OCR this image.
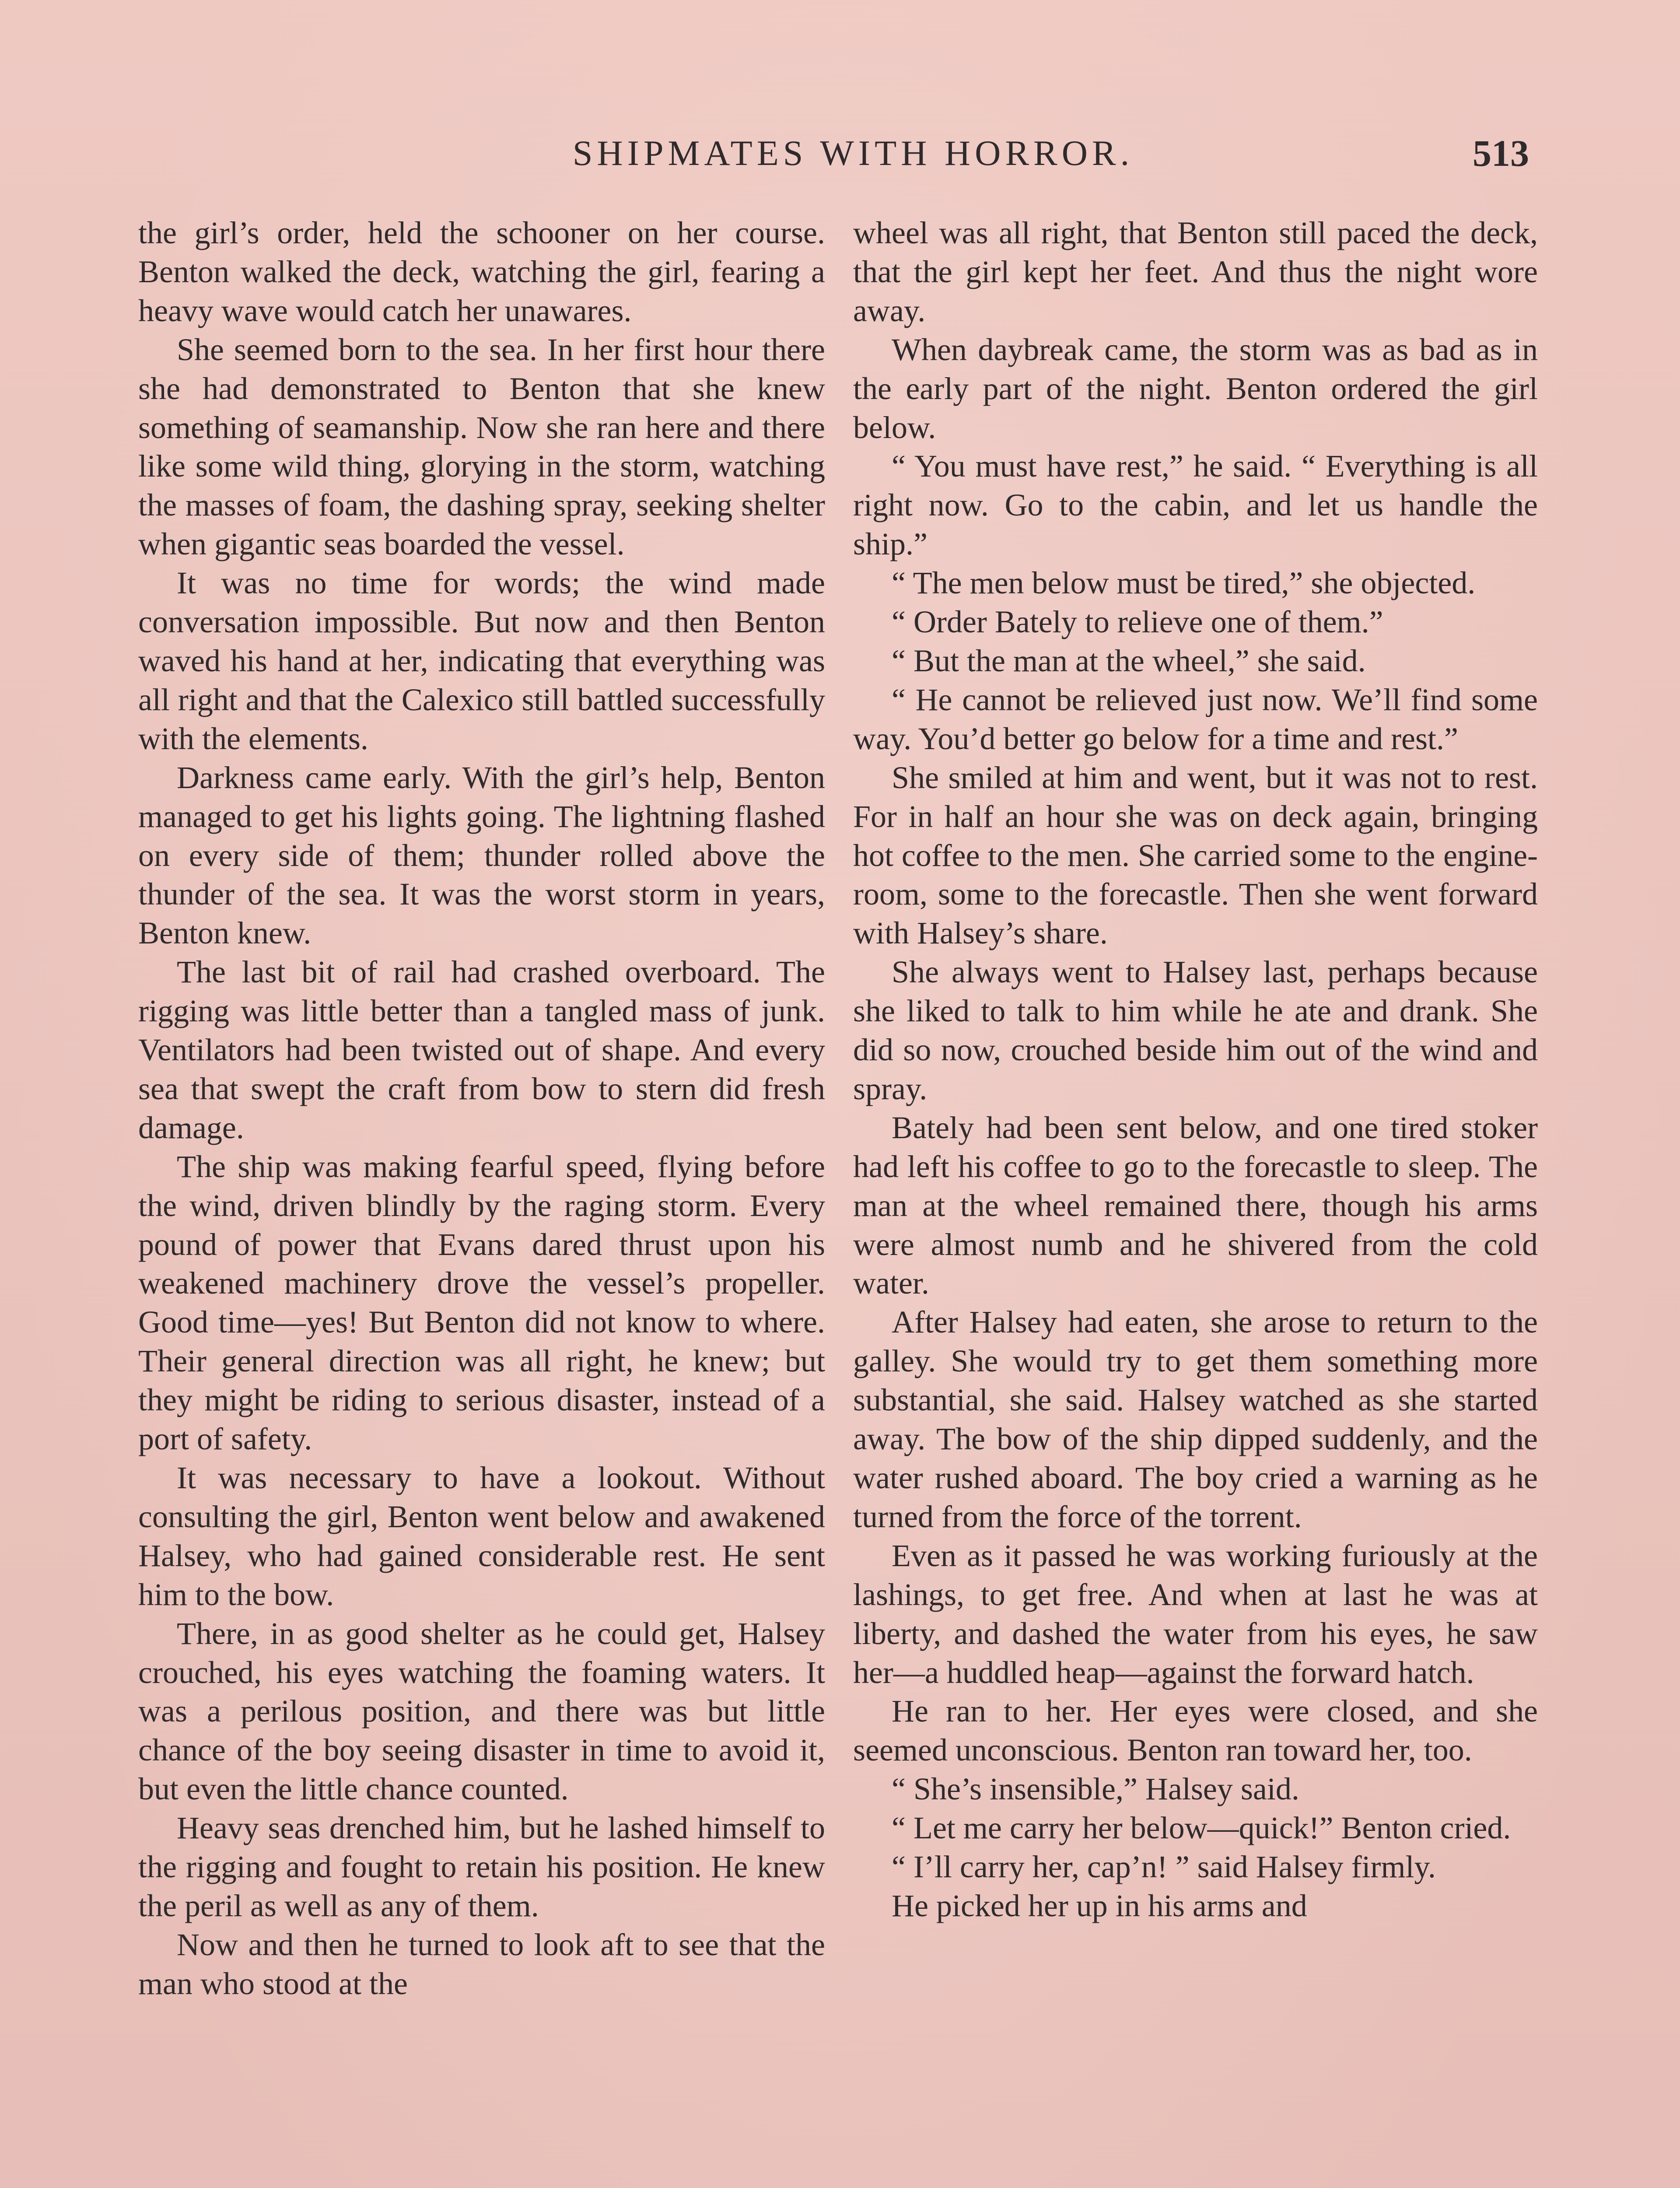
SHIPMATES WITH HORROR.	513

the girl’s order, held the schooner on her course. Benton walked the deck, watching the girl, fearing a heavy wave would catch her unawares.

She seemed born to the sea. In her first hour there she had demonstrated to Benton that she knew something of seamanship. Now she ran here and there like some wild thing, glorying in the storm, watching the masses of foam, the dashing spray, seeking shelter when gigantic seas boarded the vessel.

It was no time for words; the wind made conversation impossible. But now and then Benton waved his hand at her, indicating that everything was all right and that the Calexico still battled successfully with the elements.

Darkness came early. With the girl’s help, Benton managed to get his lights going. The lightning flashed on every side of them; thunder rolled above the thunder of the sea. It was the worst storm in years, Benton knew.

The last bit of rail had crashed overboard. The rigging was little better than a tangled mass of junk. Ventilators had been twisted out of shape. And every sea that swept the craft from bow to stern did fresh damage.

The ship was making fearful speed, flying before the wind, driven blindly by the raging storm. Every pound of power that Evans dared thrust upon his weakened machinery drove the vessel’s propeller. Good time—yes! But Benton did not know to where. Their general direction was all right, he knew; but they might be riding to serious disaster, instead of a port of safety.

It was necessary to have a lookout. Without consulting the girl, Benton went below and awakened Halsey, who had gained considerable rest. He sent him to the bow.

There, in as good shelter as he could get, Halsey crouched, his eyes watching the foaming waters. It was a perilous position, and there was but little chance of the boy seeing disaster in time to avoid it, but even the little chance counted.

Heavy seas drenched him, but he lashed himself to the rigging and fought to retain his position. He knew the peril as well as any of them.

Now and then he turned to look aft to see that the man who stood at the

wheel was all right, that Benton still paced the deck, that the girl kept her feet. And thus the night wore away.

When daybreak came, the storm was as bad as in the early part of the night. Benton ordered the girl below.

“ You must have rest,” he said. “ Everything is all right now. Go to the cabin, and let us handle the ship.”

“ The men below must be tired,” she objected.

“ Order Bately to relieve one of them.”

“ But the man at the wheel,” she said.

“ He cannot be relieved just now. We’ll find some way. You’d better go below for a time and rest.”

She smiled at him and went, but it was not to rest. For in half an hour she was on deck again, bringing hot coffee to the men. She carried some to the engine-room, some to the forecastle. Then she went forward with Halsey’s share.

She always went to Halsey last, perhaps because she liked to talk to him while he ate and drank. She did so now, crouched beside him out of the wind and spray.

Bately had been sent below, and one tired stoker had left his coffee to go to the forecastle to sleep. The man at the wheel remained there, though his arms were almost numb and he shivered from the cold water.

After Halsey had eaten, she arose to return to the galley. She would try to get them something more substantial, she said. Halsey watched as she started away. The bow of the ship dipped suddenly, and the water rushed aboard. The boy cried a warning as he turned from the force of the torrent.

Even as it passed he was working furiously at the lashings, to get free. And when at last he was at liberty, and dashed the water from his eyes, he saw her—a huddled heap—against the forward hatch.

He ran to her. Her eyes were closed, and she seemed unconscious. Benton ran toward her, too.

“ She’s insensible,” Halsey said.

“ Let me carry her below—quick!” Benton cried.

“ I’ll carry her, cap’n! ” said Halsey firmly.

He picked her up in his arms and
